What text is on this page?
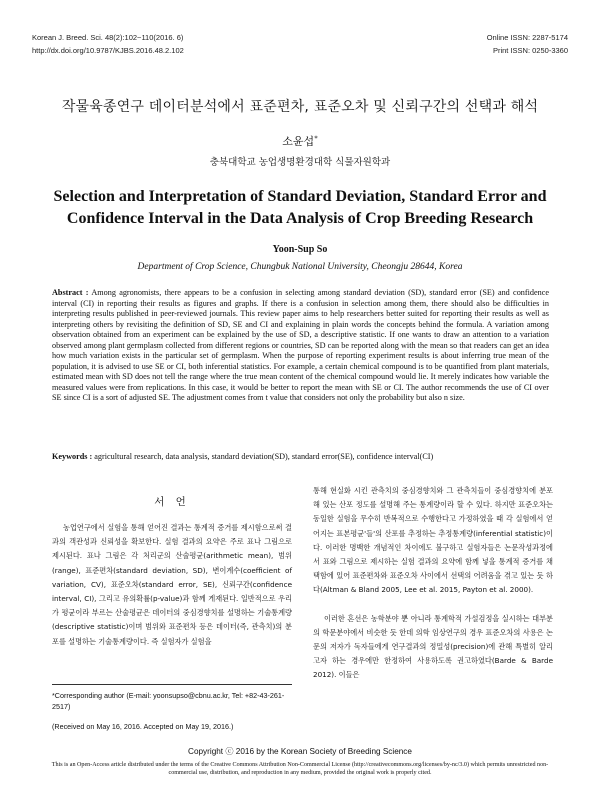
Korean J. Breed. Sci. 48(2):102~110(2016. 6)
http://dx.doi.org/10.9787/KJBS.2016.48.2.102
Online ISSN: 2287-5174
Print ISSN: 0250-3360
작물육종연구 데이터분석에서 표준편차, 표준오차 및 신뢰구간의 선택과 해석
소윤섭*
충북대학교 농업생명환경대학 식물자원학과
Selection and Interpretation of Standard Deviation, Standard Error and
Confidence Interval in the Data Analysis of Crop Breeding Research
Yoon-Sup So
Department of Crop Science, Chungbuk National University, Cheongju 28644, Korea
Abstract : Among agronomists, there appears to be a confusion in selecting among standard deviation (SD), standard error (SE) and confidence interval (CI) in reporting their results as figures and graphs. If there is a confusion in selection among them, there should also be difficulties in interpreting results published in peer-reviewed journals. This review paper aims to help researchers better suited for reporting their results as well as interpreting others by revisiting the definition of SD, SE and CI and explaining in plain words the concepts behind the formula. A variation among observation obtained from an experiment can be explained by the use of SD, a descriptive statistic. If one wants to draw an attention to a variation observed among plant germplasm collected from different regions or countries, SD can be reported along with the mean so that readers can get an idea how much variation exists in the particular set of germplasm. When the purpose of reporting experiment results is about inferring true mean of the population, it is advised to use SE or CI, both inferential statistics. For example, a certain chemical compound is to be quantified from plant materials, estimated mean with SD does not tell the range where the true mean content of the chemical compound would lie. It merely indicates how variable the measured values were from replications. In this case, it would be better to report the mean with SE or CI. The author recommends the use of CI over SE since CI is a sort of adjusted SE. The adjustment comes from t value that considers not only the probability but also n size.
Keywords : agricultural research, data analysis, standard deviation(SD), standard error(SE), confidence interval(CI)
서 언

농업연구에서 실험을 통해 얻어진 결과는 통계적 증거를 제시함으로써 결과의 객관성과 신뢰성을 확보한다. 실험 결과의 요약은 주로 표나 그림으로 제시된다. 표나 그림은 각 처리군의 산술평균(arithmetic mean), 범위(range), 표준편차(standard deviation, SD), 변이계수(coefficient of variation, CV), 표준오차(standard error, SE), 신뢰구간(confidence interval, CI), 그리고 유의확률(p-value)과 함께 게재된다. 일반적으로 우리가 평균이라 부르는 산술평균은 데이터의 중심경향치를 설명하는 기술통계량(descriptive statistic)이며 범위와 표준편차 등은 데이터(즉, 관측치)의 분포를 설명하는 기술통계량이다. 즉 실험자가 실험을

통해 현실화 시킨 관측치의 중심경향치와 그 관측치들이 중심경향치에 분포해 있는 산포 정도를 설명해 주는 통계량이라 할 수 있다. 하지만 표준오차는 동일한 실험을 무수히 반복적으로 수행한다고 가정하였을 때 각 실험에서 얻어지는 표본평균'들'의 산포를 추정하는 추정통계량(inferential statistic)이다. 이러한 명백한 개념적인 차이에도 불구하고 실험자들은 논문작성과정에서 표와 그림으로 제시하는 실험 결과의 요약에 함께 넣을 통계적 증거를 채택함에 있어 표준편차와 표준오차 사이에서 선택의 어려움을 겪고 있는 듯 하다(Altman & Bland 2005, Lee et al. 2015, Payton et al. 2000).

이러한 혼선은 농학분야 뿐 아니라 통계학적 가설검정을 실시하는 대부분의 학문분야에서 비슷한 듯 한데 의학 임상연구의 경우 표준오차의 사용은 논문의 저자가 독자들에게 연구결과의 정밀성(precision)에 관해 특별히 알리고자 하는 경우에만 한정하여 사용하도록 권고하였다(Barde & Barde 2012). 이들은

*Corresponding author (E-mail: yoonsupso@cbnu.ac.kr, Tel: +82-43-261-2517)
(Received on May 16, 2016. Accepted on May 19, 2016.)
Copyright ⓒ 2016 by the Korean Society of Breeding Science
This is an Open-Access article distributed under the terms of the Creative Commons Attribution Non-Commercial License (http://creativecommons.org/licenses/by-nc/3.0) which permits unrestricted non-commercial use, distribution, and reproduction in any medium, provided the original work is properly cited.
